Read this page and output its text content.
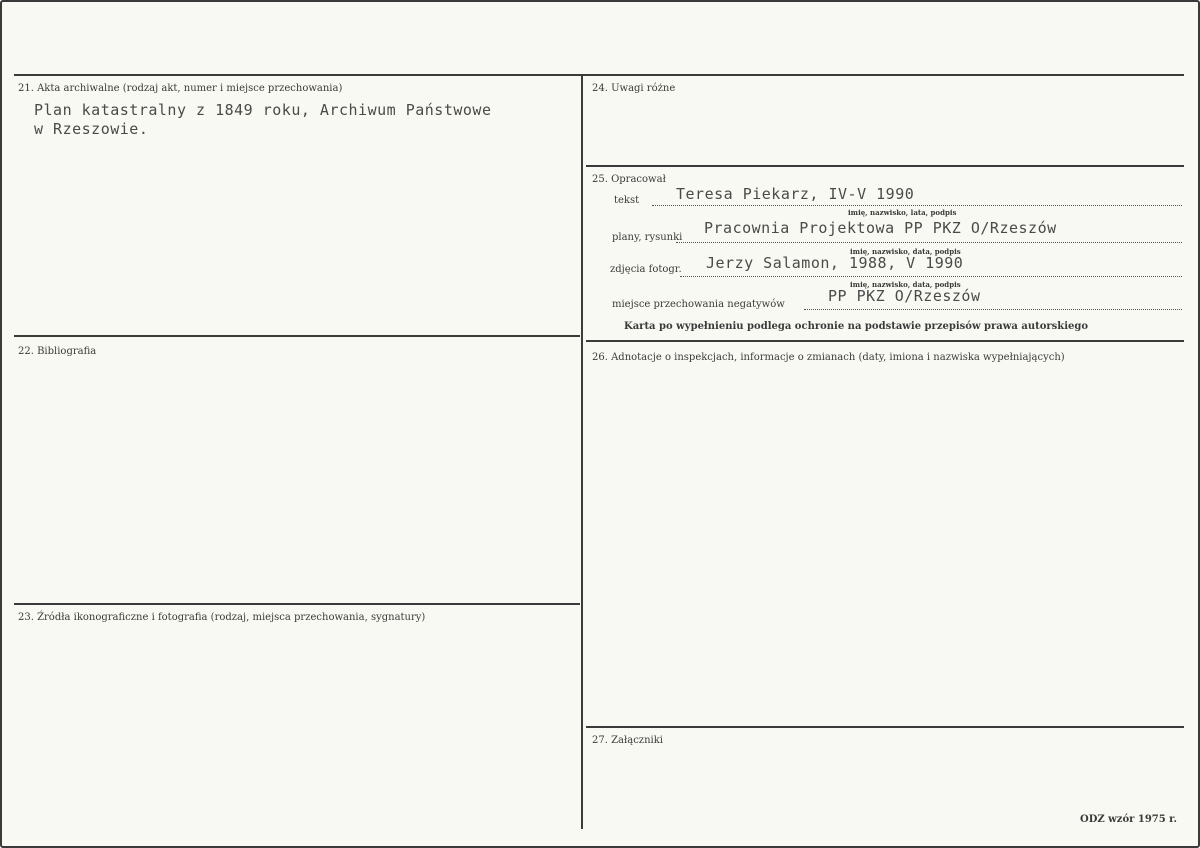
21. Akta archiwalne (rodzaj akt, numer i miejsce przechowania)
Plan katastralny z 1849 roku, Archiwum Państwowe
w Rzeszowie.
22. Bibliografia
23. Źródła ikonograficzne i fotografia (rodzaj, miejsca przechowania, sygnatury)
24. Uwagi różne
25. Opracował
tekst Teresa Piekarz, IV-V 1990
imię, nazwisko, lata, podpis
plany, rysunki
Pracownia Projektowa PP PKZ O/Rzeszów
imię, nazwisko, data, podpis
zdjęcia fotogr. Jerzy Salamon, 1988, V 1990
imię, nazwisko, data, podpis
miejsce przechowania negatywów	PP PKZ O/Rzeszów
Karta po wypełnieniu podlega ochronie na podstawie przepisów prawa autorskiego
26. Adnotacje o inspekcjach, informacje o zmianach (daty, imiona i nazwiska wypełniających)
27. Załączniki
ODZ wzór 1975 r.
